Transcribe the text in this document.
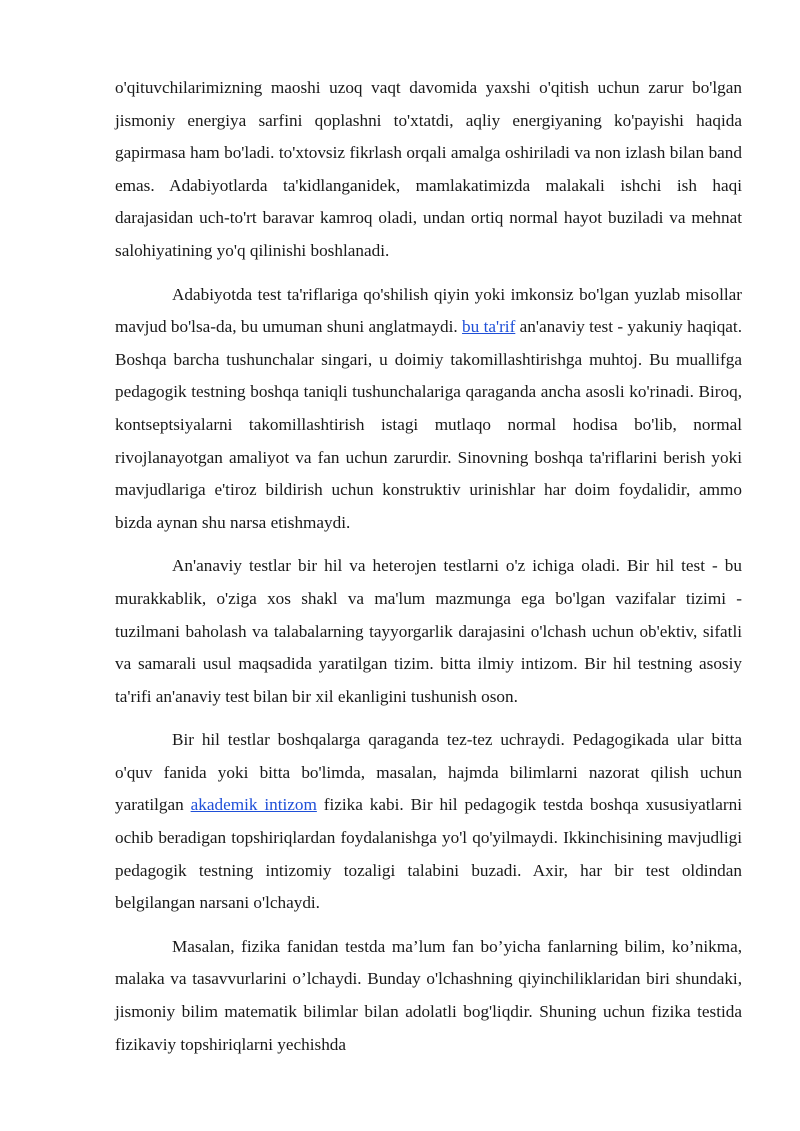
o'qituvchilarimizning maoshi uzoq vaqt davomida yaxshi o'qitish uchun zarur bo'lgan jismoniy energiya sarfini qoplashni to'xtatdi, aqliy energiyaning ko'payishi haqida gapirmasa ham bo'ladi. to'xtovsiz fikrlash orqali amalga oshiriladi va non izlash bilan band emas. Adabiyotlarda ta'kidlanganidek, mamlakatimizda malakali ishchi ish haqi darajasidan uch-to'rt baravar kamroq oladi, undan ortiq normal hayot buziladi va mehnat salohiyatining yo'q qilinishi boshlanadi.

Adabiyotda test ta'riflariga qo'shilish qiyin yoki imkonsiz bo'lgan yuzlab misollar mavjud bo'lsa-da, bu umuman shuni anglatmaydi. bu ta'rif an'anaviy test - yakuniy haqiqat. Boshqa barcha tushunchalar singari, u doimiy takomillashtirishga muhtoj. Bu muallifga pedagogik testning boshqa taniqli tushunchalariga qaraganda ancha asosli ko'rinadi. Biroq, kontseptsiyalarni takomillashtirish istagi mutlaqo normal hodisa bo'lib, normal rivojlanayotgan amaliyot va fan uchun zarurdir. Sinovning boshqa ta'riflarini berish yoki mavjudlariga e'tiroz bildirish uchun konstruktiv urinishlar har doim foydalidir, ammo bizda aynan shu narsa etishmaydi.

An'anaviy testlar bir hil va heterojen testlarni o'z ichiga oladi. Bir hil test - bu murakkablik, o'ziga xos shakl va ma'lum mazmunga ega bo'lgan vazifalar tizimi - tuzilmani baholash va talabalarning tayyorgarlik darajasini o'lchash uchun ob'ektiv, sifatli va samarali usul maqsadida yaratilgan tizim. bitta ilmiy intizom. Bir hil testning asosiy ta'rifi an'anaviy test bilan bir xil ekanligini tushunish oson.

Bir hil testlar boshqalarga qaraganda tez-tez uchraydi. Pedagogikada ular bitta o'quv fanida yoki bitta bo'limda, masalan, hajmda bilimlarni nazorat qilish uchun yaratilgan akademik intizom fizika kabi. Bir hil pedagogik testda boshqa xususiyatlarni ochib beradigan topshiriqlardan foydalanishga yo'l qo'yilmaydi. Ikkinchisining mavjudligi pedagogik testning intizomiy tozaligi talabini buzadi. Axir, har bir test oldindan belgilangan narsani o'lchaydi.

Masalan, fizika fanidan testda ma’lum fan bo’yicha fanlarning bilim, ko’nikma, malaka va tasavvurlarini o’lchaydi. Bunday o'lchashning qiyinchiliklaridan biri shundaki, jismoniy bilim matematik bilimlar bilan adolatli bog'liqdir. Shuning uchun fizika testida fizikaviy topshiriqlarni yechishda
